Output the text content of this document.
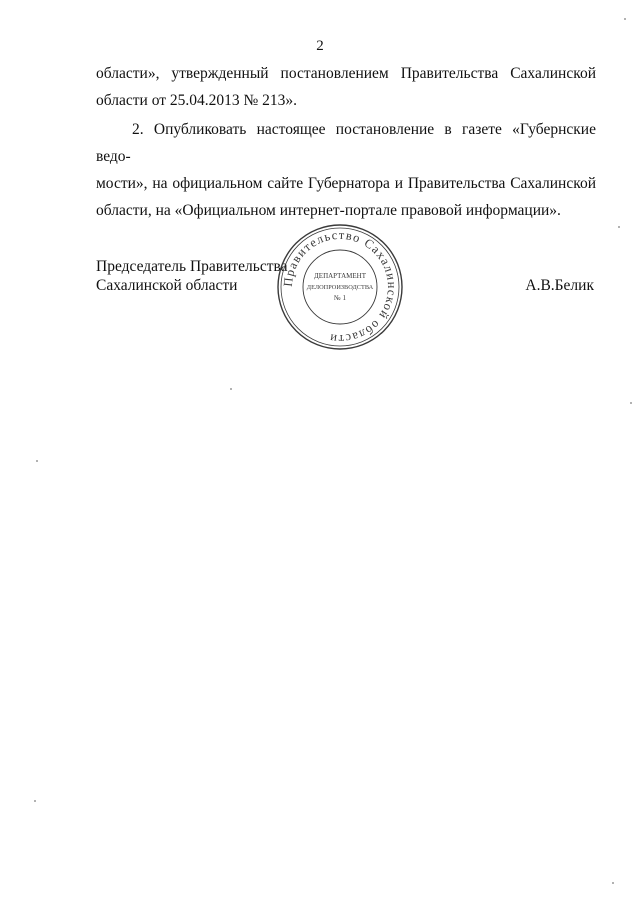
2
области», утвержденный постановлением Правительства Сахалинской
области от 25.04.2013 № 213».
2. Опубликовать настоящее постановление в газете «Губернские ведо-
мости», на официальном сайте Губернатора и Правительства Сахалинской
области, на «Официальном интернет-портале правовой информации».
Председатель Правительства
Сахалинской области	Правительство Сахалинской области
ДЕПАРТАМЕНТ
ДЕЛОПРОИЗВОДСТВА
№ 1
А.В.Белик
